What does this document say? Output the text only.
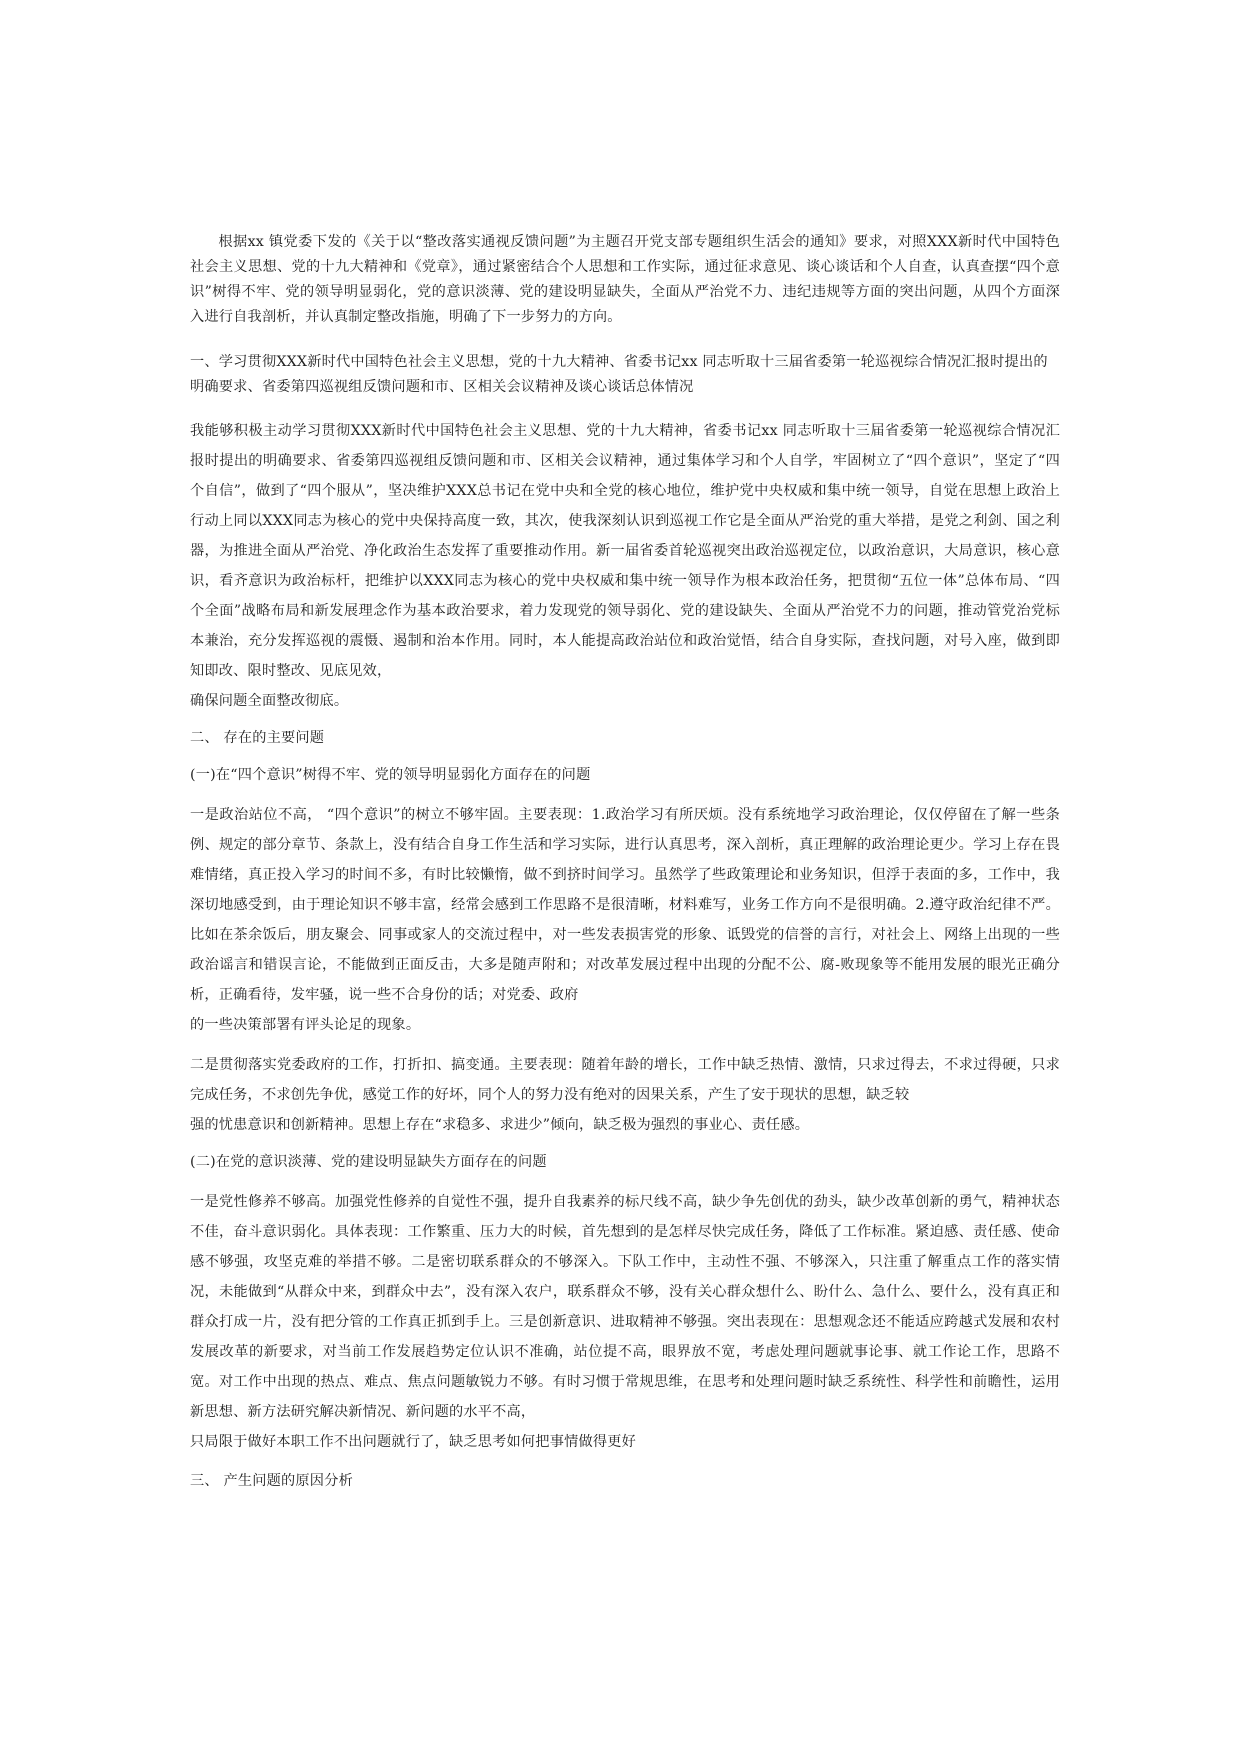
根据xx 镇党委下发的《关于以“整改落实通视反馈问题”为主题召开党支部专题组织生活会的通知》要求，对照XXX新时代中国特色社会主义思想、党的十九大精神和《党章》，通过紧密结合个人思想和工作实际，通过征求意见、谈心谈话和个人自查，认真查摆“四个意识”树得不牢、党的领导明显弱化，党的意识淡薄、党的建设明显缺失，全面从严治党不力、违纪违规等方面的突出问题，从四个方面深入进行自我剖析，并认真制定整改指施，明确了下一步努力的方向。

一、学习贯彻XXX新时代中国特色社会主义思想，党的十九大精神、省委书记xx 同志听取十三届省委第一轮巡视综合情况汇报时提出的明确要求、省委第四巡视组反馈问题和市、区相关会议精神及谈心谈话总体情况

我能够积极主动学习贯彻XXX新时代中国特色社会主义思想、党的十九大精神，省委书记xx 同志听取十三届省委第一轮巡视综合情况汇报时提出的明确要求、省委第四巡视组反馈问题和市、区相关会议精神，通过集体学习和个人自学，牢固树立了“四个意识”，坚定了“四个自信”，做到了“四个服从”，坚决维护XXX总书记在党中央和全党的核心地位，维护党中央权威和集中统一领导，自觉在思想上政治上行动上同以XXX同志为核心的党中央保持高度一致，其次，使我深刻认识到巡视工作它是全面从严治党的重大举措，是党之利剑、国之利器，为推进全面从严治党、净化政治生态发挥了重要推动作用。新一届省委首轮巡视突出政治巡视定位，以政治意识，大局意识，核心意识，看齐意识为政治标杆，把维护以XXX同志为核心的党中央权威和集中统一领导作为根本政治任务，把贯彻“五位一体”总体布局、“四个全面”战略布局和新发展理念作为基本政治要求，着力发现党的领导弱化、党的建设缺失、全面从严治党不力的问题，推动管党治党标本兼治，充分发挥巡视的震慑、遏制和治本作用。同时，本人能提高政治站位和政治觉悟，结合自身实际，查找问题，对号入座，做到即知即改、限时整改、见底见效，

确保问题全面整改彻底。

二、 存在的主要问题

(一)在“四个意识”树得不牢、党的领导明显弱化方面存在的问题

一是政治站位不高， “四个意识”的树立不够牢固。主要表现：1.政治学习有所厌烦。没有系统地学习政治理论，仅仅停留在了解一些条例、规定的部分章节、条款上，没有结合自身工作生活和学习实际，进行认真思考，深入剖析，真正理解的政治理论更少。学习上存在畏难情绪，真正投入学习的时间不多，有时比较懒惰，做不到挤时间学习。虽然学了些政策理论和业务知识，但浮于表面的多，工作中，我深切地感受到，由于理论知识不够丰富，经常会感到工作思路不是很清晰，材料难写，业务工作方向不是很明确。2.遵守政治纪律不严。比如在茶余饭后，朋友聚会、同事或家人的交流过程中，对一些发表损害党的形象、诋毁党的信誉的言行，对社会上、网络上出现的一些政治谣言和错误言论，不能做到正面反击，大多是随声附和；对改革发展过程中出现的分配不公、腐-败现象等不能用发展的眼光正确分析，正确看待，发牢骚，说一些不合身份的话；对党委、政府

的一些决策部署有评头论足的现象。

二是贯彻落实党委政府的工作，打折扣、搞变通。主要表现：随着年龄的增长，工作中缺乏热情、激情，只求过得去，不求过得硬，只求完成任务，不求创先争优，感觉工作的好坏，同个人的努力没有绝对的因果关系，产生了安于现状的思想，缺乏较

强的忧患意识和创新精神。思想上存在“求稳多、求进少”倾向，缺乏极为强烈的事业心、责任感。

(二)在党的意识淡薄、党的建设明显缺失方面存在的问题

一是党性修养不够高。加强党性修养的自觉性不强，提升自我素养的标尺线不高，缺少争先创优的劲头，缺少改革创新的勇气，精神状态不佳，奋斗意识弱化。具体表现：工作繁重、压力大的时候，首先想到的是怎样尽快完成任务，降低了工作标准。紧迫感、责任感、使命感不够强，攻坚克难的举措不够。二是密切联系群众的不够深入。下队工作中，主动性不强、不够深入，只注重了解重点工作的落实情况，未能做到“从群众中来，到群众中去”，没有深入农户，联系群众不够，没有关心群众想什么、盼什么、急什么、要什么，没有真正和群众打成一片，没有把分管的工作真正抓到手上。三是创新意识、进取精神不够强。突出表现在：思想观念还不能适应跨越式发展和农村发展改革的新要求，对当前工作发展趋势定位认识不准确，站位提不高，眼界放不宽，考虑处理问题就事论事、就工作论工作，思路不宽。对工作中出现的热点、难点、焦点问题敏锐力不够。有时习惯于常规思维，在思考和处理问题时缺乏系统性、科学性和前瞻性，运用新思想、新方法研究解决新情况、新问题的水平不高，

只局限于做好本职工作不出问题就行了，缺乏思考如何把事情做得更好

三、 产生问题的原因分析
